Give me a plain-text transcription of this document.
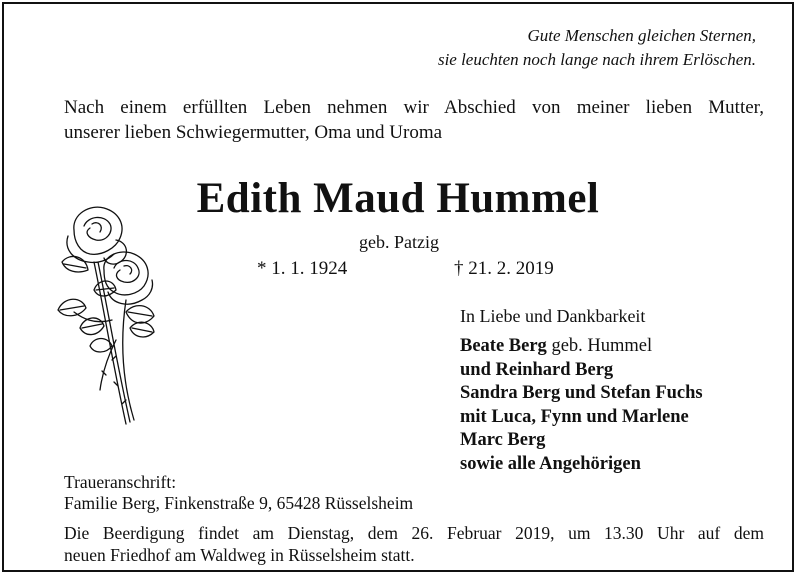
Gute Menschen gleichen Sternen,
sie leuchten noch lange nach ihrem Erlöschen.
Nach einem erfüllten Leben nehmen wir Abschied von meiner lieben Mutter,
unserer lieben Schwiegermutter, Oma und Uroma
Edith Maud Hummel
geb. Patzig
* 1. 1. 1924	† 21. 2. 2019
In Liebe und Dankbarkeit
Beate Berg geb. Hummel
und Reinhard Berg
Sandra Berg und Stefan Fuchs
mit Luca, Fynn und Marlene
Marc Berg
sowie alle Angehörigen
Traueranschrift:
Familie Berg, Finkenstraße 9, 65428 Rüsselsheim
Die Beerdigung findet am Dienstag, dem 26. Februar 2019, um 13.30 Uhr auf dem
neuen Friedhof am Waldweg in Rüsselsheim statt.
